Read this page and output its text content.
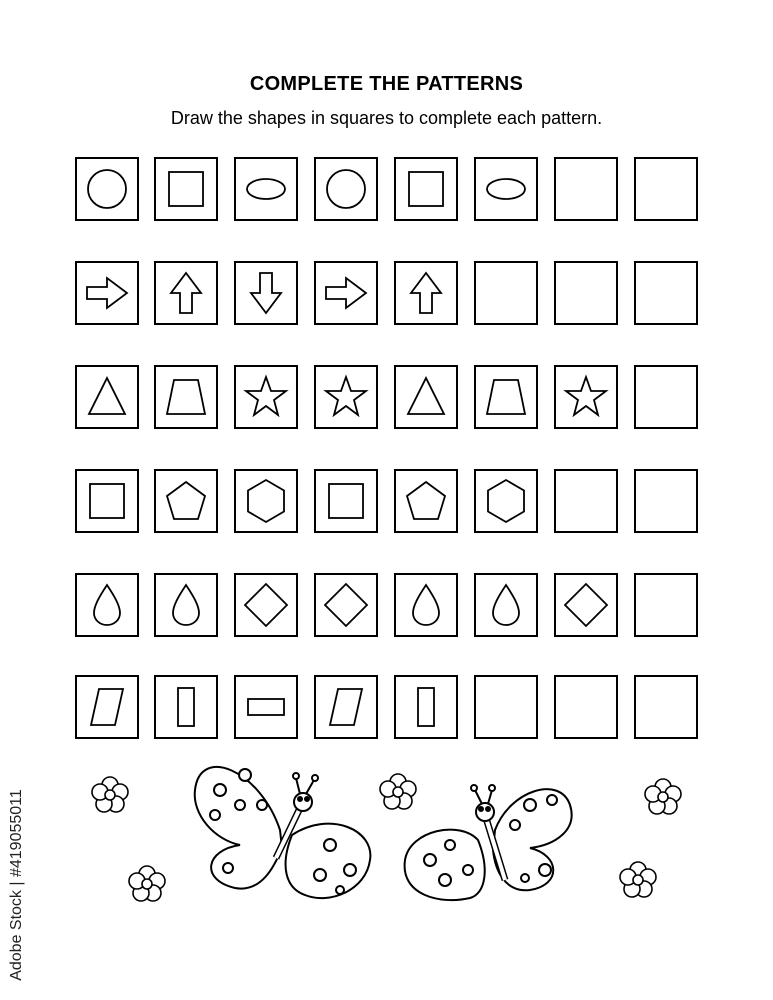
COMPLETE THE PATTERNS
Draw the shapes in squares to complete each pattern.
Adobe Stock | #419055011
